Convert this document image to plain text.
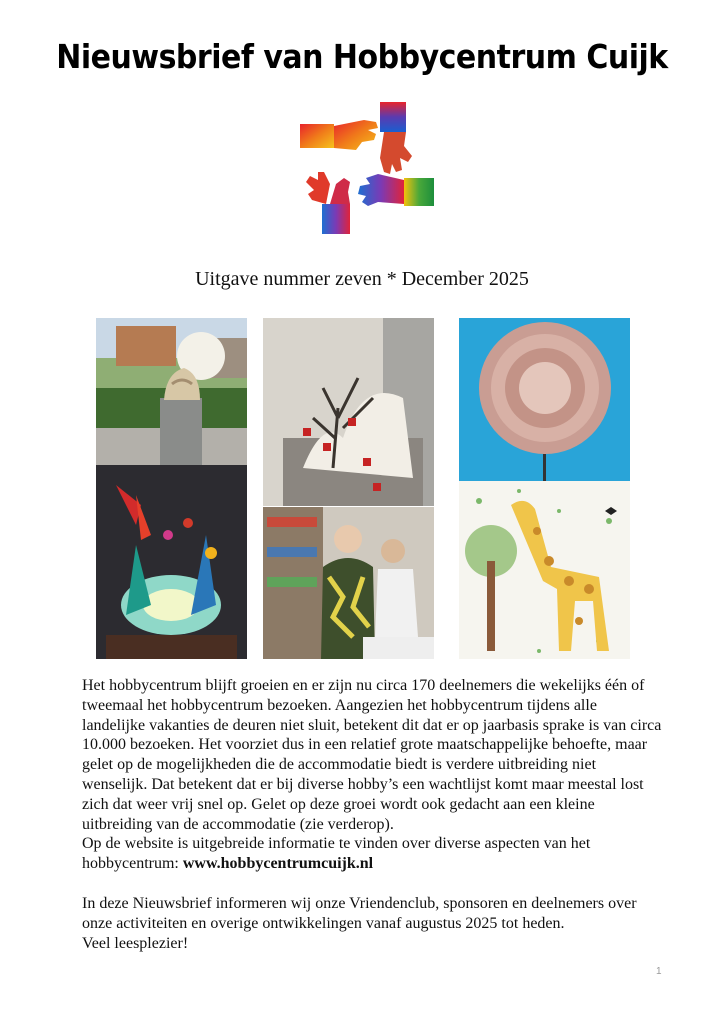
Nieuwsbrief van Hobbycentrum Cuijk
Uitgave nummer zeven * December 2025

Het hobbycentrum blijft groeien en er zijn nu circa 170 deelnemers die wekelijks één of tweemaal het hobbycentrum bezoeken. Aangezien het hobbycentrum tijdens alle landelijke vakanties de deuren niet sluit, betekent dit dat er op jaarbasis sprake is van circa 10.000 bezoeken. Het voorziet dus in een relatief grote maatschappelijke behoefte, maar gelet op de mogelijkheden die de accommodatie biedt is verdere uitbreiding niet wenselijk. Dat betekent dat er bij diverse hobby’s een wachtlijst komt maar meestal lost zich dat weer vrij snel op. Gelet op deze groei wordt ook gedacht aan een kleine uitbreiding van de accommodatie (zie verderop).

Op de website is uitgebreide informatie te vinden over diverse aspecten van het hobbycentrum: www.hobbycentrumcuijk.nl

In deze Nieuwsbrief informeren wij onze Vriendenclub, sponsoren en deelnemers over onze activiteiten en overige ontwikkelingen vanaf augustus 2025 tot heden.

Veel leesplezier!

1
